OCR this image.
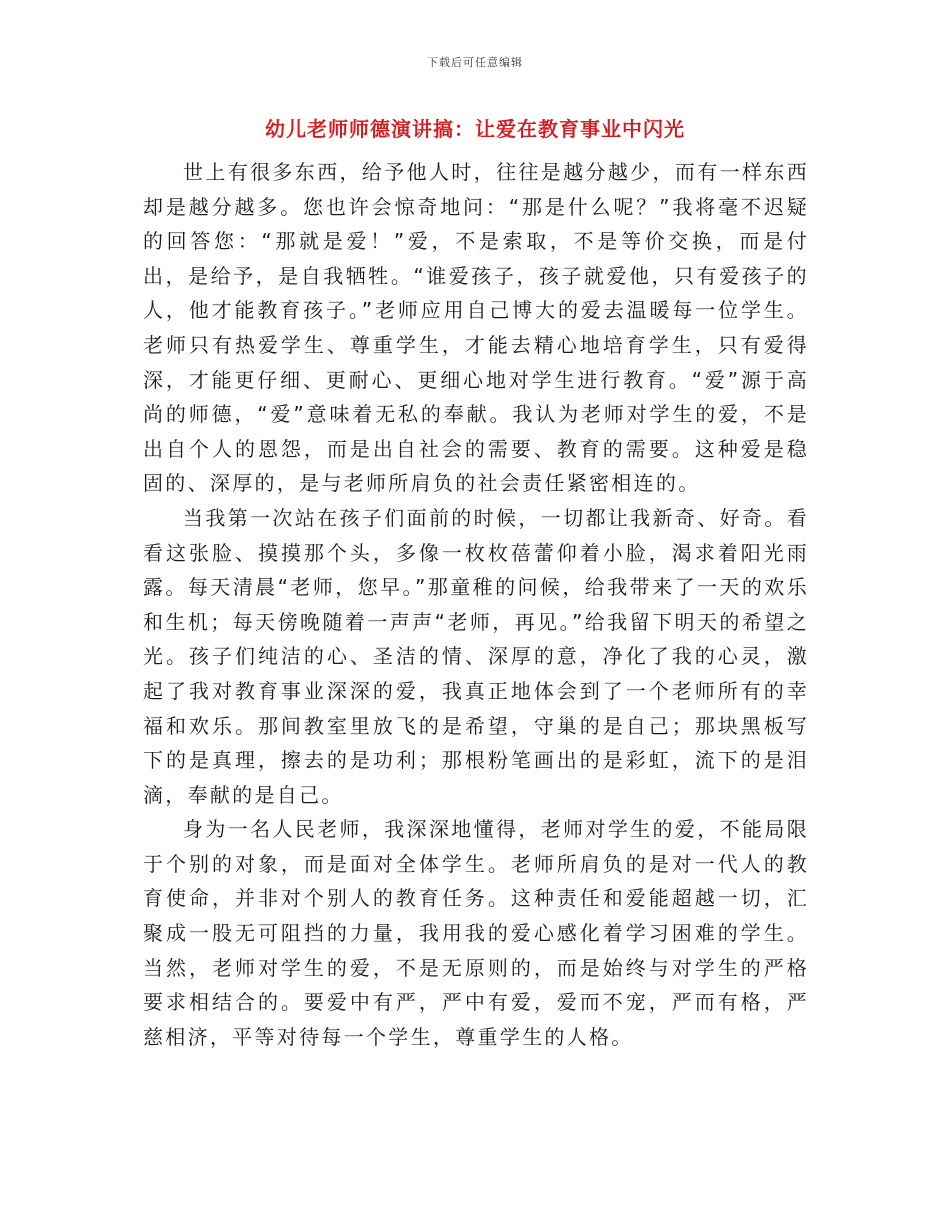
下载后可任意编辑
幼儿老师师德演讲搞：让爱在教育事业中闪光

世上有很多东西，给予他人时，往往是越分越少，而有一样东西却是越分越多。您也许会惊奇地问：“那是什么呢？”我将毫不迟疑的回答您：“那就是爱！”爱，不是索取，不是等价交换，而是付出，是给予，是自我牺牲。“谁爱孩子，孩子就爱他，只有爱孩子的人，他才能教育孩子。”老师应用自己博大的爱去温暖每一位学生。老师只有热爱学生、尊重学生，才能去精心地培育学生，只有爱得深，才能更仔细、更耐心、更细心地对学生进行教育。“爱”源于高尚的师德，“爱”意味着无私的奉献。我认为老师对学生的爱，不是出自个人的恩怨，而是出自社会的需要、教育的需要。这种爱是稳固的、深厚的，是与老师所肩负的社会责任紧密相连的。

当我第一次站在孩子们面前的时候，一切都让我新奇、好奇。看看这张脸、摸摸那个头，多像一枚枚蓓蕾仰着小脸，渴求着阳光雨露。每天清晨“老师，您早。”那童稚的问候，给我带来了一天的欢乐和生机；每天傍晚随着一声声“老师，再见。”给我留下明天的希望之光。孩子们纯洁的心、圣洁的情、深厚的意，净化了我的心灵，激起了我对教育事业深深的爱，我真正地体会到了一个老师所有的幸福和欢乐。那间教室里放飞的是希望，守巢的是自己；那块黑板写下的是真理，擦去的是功利；那根粉笔画出的是彩虹，流下的是泪滴，奉献的是自己。

身为一名人民老师，我深深地懂得，老师对学生的爱，不能局限于个别的对象，而是面对全体学生。老师所肩负的是对一代人的教育使命，并非对个别人的教育任务。这种责任和爱能超越一切，汇聚成一股无可阻挡的力量，我用我的爱心感化着学习困难的学生。当然，老师对学生的爱，不是无原则的，而是始终与对学生的严格要求相结合的。要爱中有严，严中有爱，爱而不宠，严而有格，严慈相济，平等对待每一个学生，尊重学生的人格。
